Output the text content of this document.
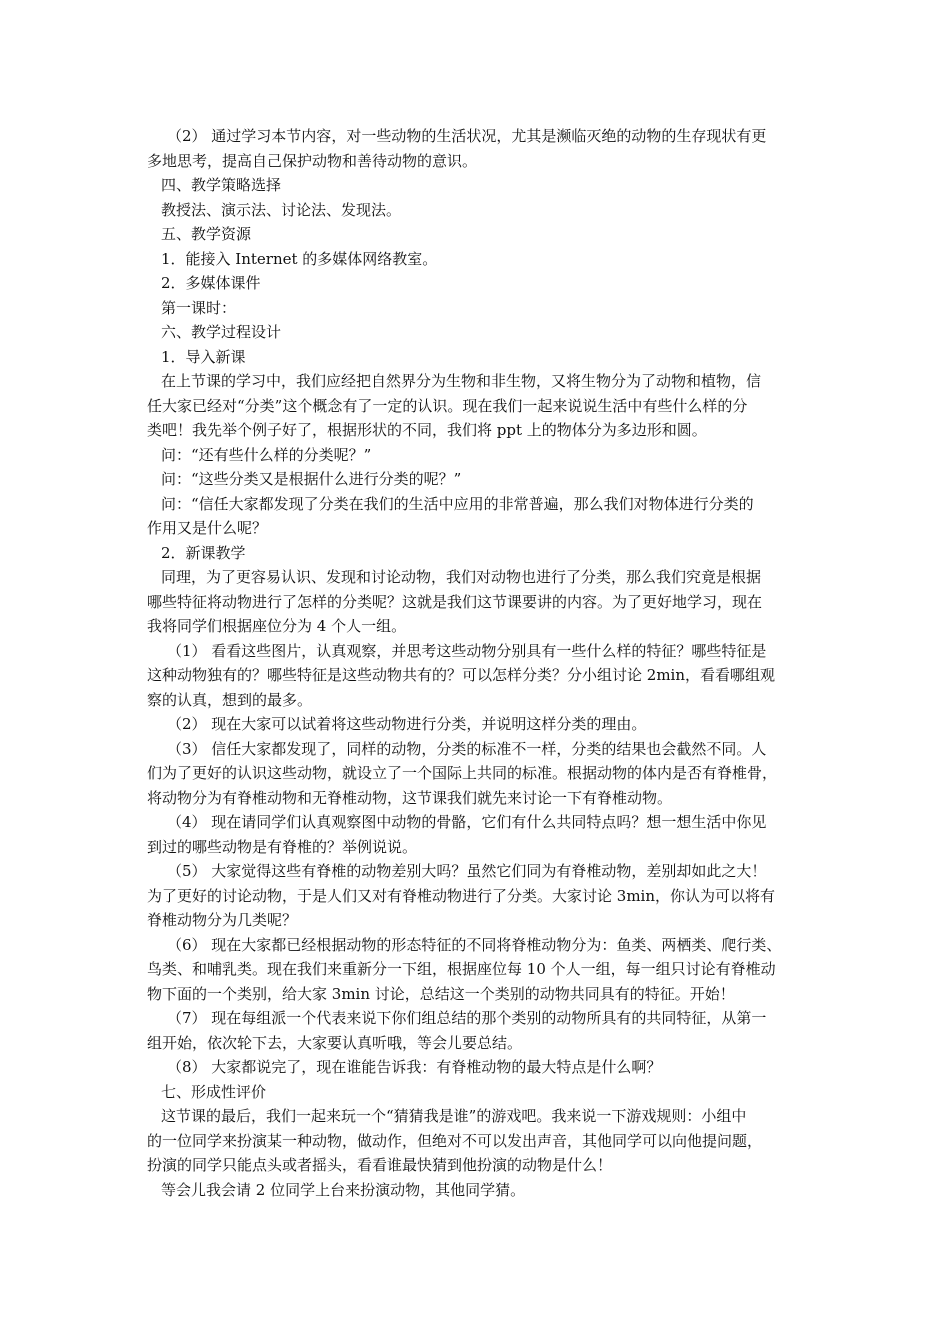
（2） 通过学习本节内容，对一些动物的生活状况，尤其是濒临灭绝的动物的生存现状有更

多地思考，提高自己保护动物和善待动物的意识。

四、教学策略选择

教授法、演示法、讨论法、发现法。

五、教学资源

1．能接入 Internet 的多媒体网络教室。

2．多媒体课件

第一课时：

六、教学过程设计

1．导入新课

在上节课的学习中，我们应经把自然界分为生物和非生物，又将生物分为了动物和植物，信

任大家已经对“分类”这个概念有了一定的认识。现在我们一起来说说生活中有些什么样的分

类吧！我先举个例子好了，根据形状的不同，我们将 ppt 上的物体分为多边形和圆。

问：“还有些什么样的分类呢？”

问：“这些分类又是根据什么进行分类的呢？”

问：“信任大家都发现了分类在我们的生活中应用的非常普遍，那么我们对物体进行分类的

作用又是什么呢？

2．新课教学

同理，为了更容易认识、发现和讨论动物，我们对动物也进行了分类，那么我们究竟是根据

哪些特征将动物进行了怎样的分类呢？这就是我们这节课要讲的内容。为了更好地学习，现在

我将同学们根据座位分为 4 个人一组。

（1） 看看这些图片，认真观察，并思考这些动物分别具有一些什么样的特征？哪些特征是

这种动物独有的？哪些特征是这些动物共有的？可以怎样分类？分小组讨论 2min，看看哪组观

察的认真，想到的最多。

（2） 现在大家可以试着将这些动物进行分类，并说明这样分类的理由。

（3） 信任大家都发现了，同样的动物，分类的标准不一样，分类的结果也会截然不同。人

们为了更好的认识这些动物，就设立了一个国际上共同的标准。根据动物的体内是否有脊椎骨，

将动物分为有脊椎动物和无脊椎动物，这节课我们就先来讨论一下有脊椎动物。

（4） 现在请同学们认真观察图中动物的骨骼，它们有什么共同特点吗？想一想生活中你见

到过的哪些动物是有脊椎的？举例说说。

（5） 大家觉得这些有脊椎的动物差别大吗？虽然它们同为有脊椎动物，差别却如此之大！

为了更好的讨论动物，于是人们又对有脊椎动物进行了分类。大家讨论 3min，你认为可以将有

脊椎动物分为几类呢？

（6） 现在大家都已经根据动物的形态特征的不同将脊椎动物分为：鱼类、两栖类、爬行类、

鸟类、和哺乳类。现在我们来重新分一下组，根据座位每 10 个人一组，每一组只讨论有脊椎动

物下面的一个类别，给大家 3min 讨论，总结这一个类别的动物共同具有的特征。开始！

（7） 现在每组派一个代表来说下你们组总结的那个类别的动物所具有的共同特征，从第一

组开始，依次轮下去，大家要认真听哦，等会儿要总结。

（8） 大家都说完了，现在谁能告诉我：有脊椎动物的最大特点是什么啊？

七、形成性评价

这节课的最后，我们一起来玩一个“猜猜我是谁”的游戏吧。我来说一下游戏规则：小组中

的一位同学来扮演某一种动物，做动作，但绝对不可以发出声音，其他同学可以向他提问题，

扮演的同学只能点头或者摇头，看看谁最快猜到他扮演的动物是什么！

等会儿我会请 2 位同学上台来扮演动物，其他同学猜。
